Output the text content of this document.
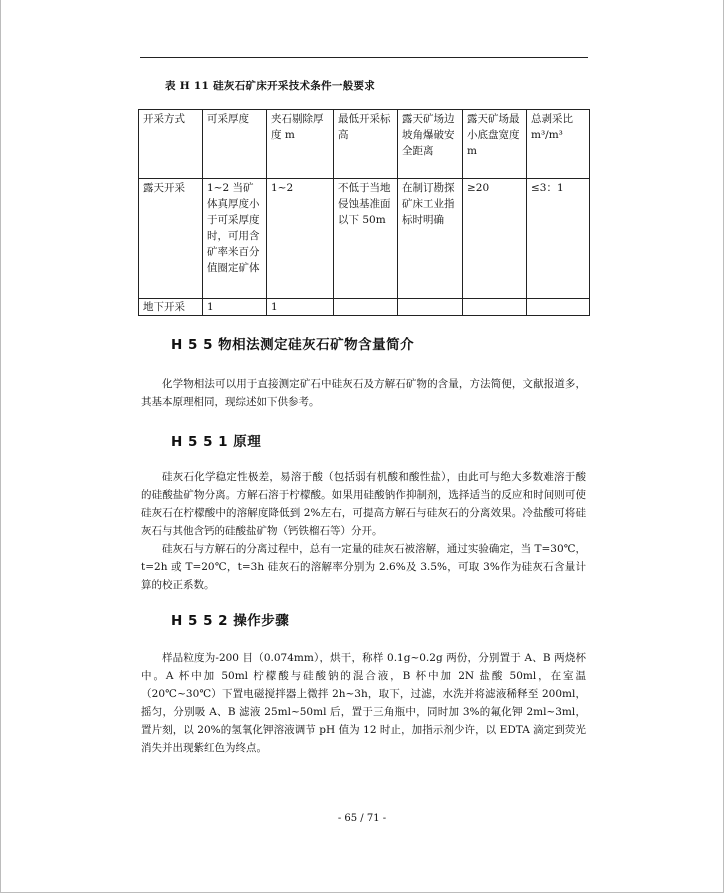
表 H 11 硅灰石矿床开采技术条件一般要求
开采方式	可采厚度	夹石剔除厚度 m	最低开采标高	露天矿场边坡角爆破安全距离	露天矿场最小底盘宽度 m	总剥采比 m³/m³
露天开采	1~2 当矿体真厚度小于可采厚度时，可用含矿率米百分值圈定矿体	1~2	不低于当地侵蚀基准面以下 50m	在制订勘探矿床工业指标时明确	≥20	≤3：1
地下开采	1	1				
H 5 5 物相法测定硅灰石矿物含量简介

化学物相法可以用于直接测定矿石中硅灰石及方解石矿物的含量，方法简便，文献报道多，其基本原理相同，现综述如下供参考。

H 5 5 1 原理

硅灰石化学稳定性极差，易溶于酸（包括弱有机酸和酸性盐），由此可与绝大多数难溶于酸的硅酸盐矿物分离。方解石溶于柠檬酸。如果用硅酸钠作抑制剂，选择适当的反应和时间则可使硅灰石在柠檬酸中的溶解度降低到 2%左右，可提高方解石与硅灰石的分离效果。冷盐酸可将硅灰石与其他含钙的硅酸盐矿物（钙铁榴石等）分开。

硅灰石与方解石的分离过程中，总有一定量的硅灰石被溶解，通过实验确定，当 T=30℃，t=2h 或 T=20℃，t=3h 硅灰石的溶解率分别为 2.6%及 3.5%，可取 3%作为硅灰石含量计算的校正系数。

H 5 5 2 操作步骤

样品粒度为-200 目（0.074mm），烘干，称样 0.1g~0.2g 两份，分别置于 A、B 两烧杯中。A 杯中加 50ml 柠檬酸与硅酸钠的混合液，B 杯中加 2N 盐酸 50ml，在室温（20℃~30℃）下置电磁搅拌器上微拌 2h~3h，取下，过滤，水洗并将滤液稀释至 200ml，摇匀，分别吸 A、B 滤液 25ml~50ml 后，置于三角瓶中，同时加 3%的氟化钾 2ml~3ml，置片刻，以 20%的氢氧化钾溶液调节 pH 值为 12 时止，加指示剂少许，以 EDTA 滴定到荧光消失并出现紫红色为终点。

- 65 / 71 -
